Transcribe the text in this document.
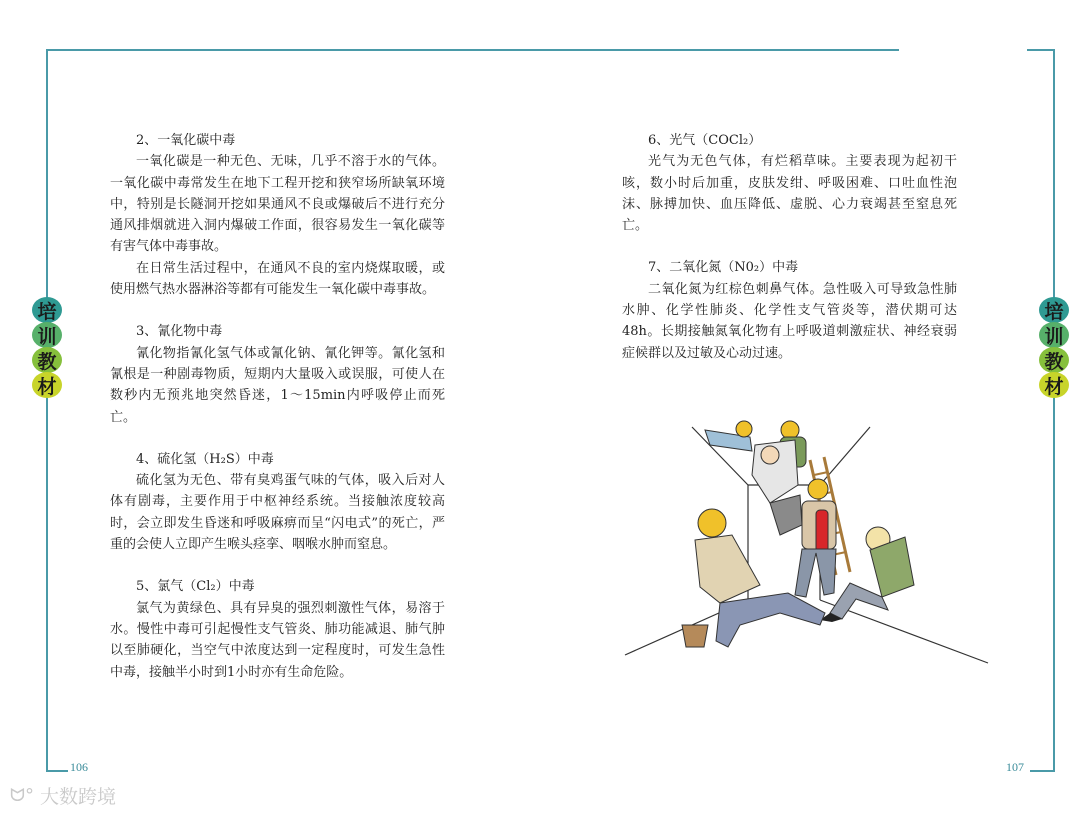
培
训
教
材
培
训
教
材

2、一氧化碳中毒

一氧化碳是一种无色、无味，几乎不溶于水的气体。一氧化碳中毒常发生在地下工程开挖和狭窄场所缺氧环境中，特别是长隧洞开挖如果通风不良或爆破后不进行充分通风排烟就进入洞内爆破工作面，很容易发生一氧化碳等有害气体中毒事故。

在日常生活过程中，在通风不良的室内烧煤取暖，或使用燃气热水器淋浴等都有可能发生一氧化碳中毒事故。

3、氰化物中毒

氰化物指氰化氢气体或氰化钠、氰化钾等。氰化氢和氰根是一种剧毒物质，短期内大量吸入或误服，可使人在数秒内无预兆地突然昏迷，1～15min内呼吸停止而死亡。

4、硫化氢（H₂S）中毒

硫化氢为无色、带有臭鸡蛋气味的气体，吸入后对人体有剧毒，主要作用于中枢神经系统。当接触浓度较高时，会立即发生昏迷和呼吸麻痹而呈“闪电式”的死亡，严重的会使人立即产生喉头痉挛、咽喉水肿而窒息。

5、氯气（Cl₂）中毒

氯气为黄绿色、具有异臭的强烈刺激性气体，易溶于水。慢性中毒可引起慢性支气管炎、肺功能减退、肺气肿以至肺硬化，当空气中浓度达到一定程度时，可发生急性中毒，接触半小时到1小时亦有生命危险。

6、光气（COCl₂）

光气为无色气体，有烂稻草味。主要表现为起初干咳，数小时后加重，皮肤发绀、呼吸困难、口吐血性泡沫、脉搏加快、血压降低、虚脱、心力衰竭甚至窒息死亡。

7、二氧化氮（N0₂）中毒

二氧化氮为红棕色刺鼻气体。急性吸入可导致急性肺水肿、化学性肺炎、化学性支气管炎等，潜伏期可达48h。长期接触氮氧化物有上呼吸道刺激症状、神经衰弱症候群以及过敏及心动过速。

106	107
ᗢ° 大数跨境
